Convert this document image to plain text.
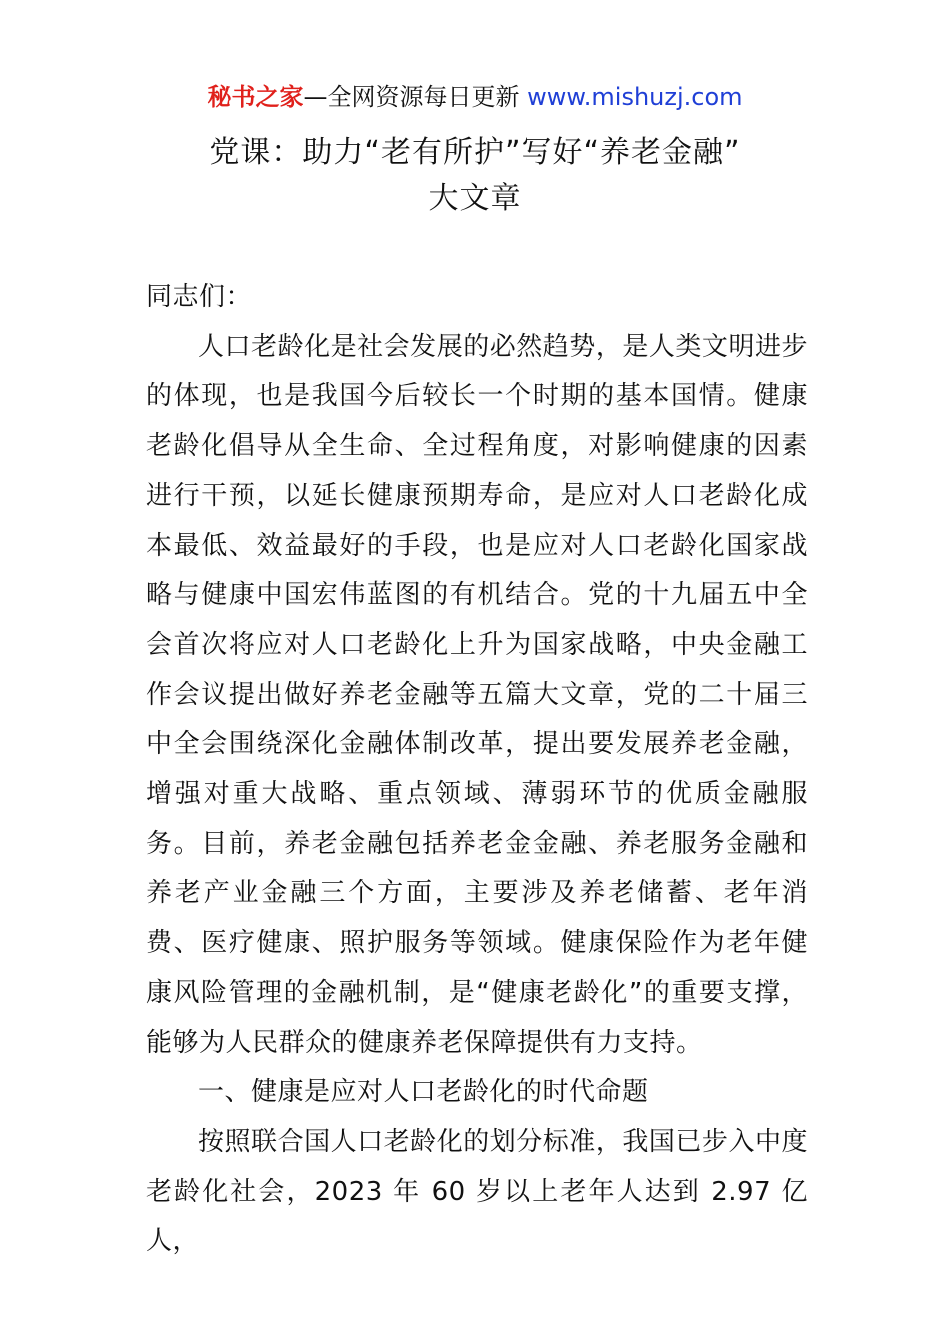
秘书之家—全网资源每日更新 www.mishuzj.com
党课：助力“老有所护”写好“养老金融”
大文章

同志们：

人口老龄化是社会发展的必然趋势，是人类文明进步的体现，也是我国今后较长一个时期的基本国情。健康老龄化倡导从全生命、全过程角度，对影响健康的因素进行干预，以延长健康预期寿命，是应对人口老龄化成本最低、效益最好的手段，也是应对人口老龄化国家战略与健康中国宏伟蓝图的有机结合。党的十九届五中全会首次将应对人口老龄化上升为国家战略，中央金融工作会议提出做好养老金融等五篇大文章，党的二十届三中全会围绕深化金融体制改革，提出要发展养老金融，增强对重大战略、重点领域、薄弱环节的优质金融服务。目前，养老金融包括养老金金融、养老服务金融和养老产业金融三个方面，主要涉及养老储蓄、老年消费、医疗健康、照护服务等领域。健康保险作为老年健康风险管理的金融机制，是“健康老龄化”的重要支撑，能够为人民群众的健康养老保障提供有力支持。

一、健康是应对人口老龄化的时代命题

按照联合国人口老龄化的划分标准，我国已步入中度老龄化社会，2023 年 60 岁以上老年人达到 2.97 亿人，
